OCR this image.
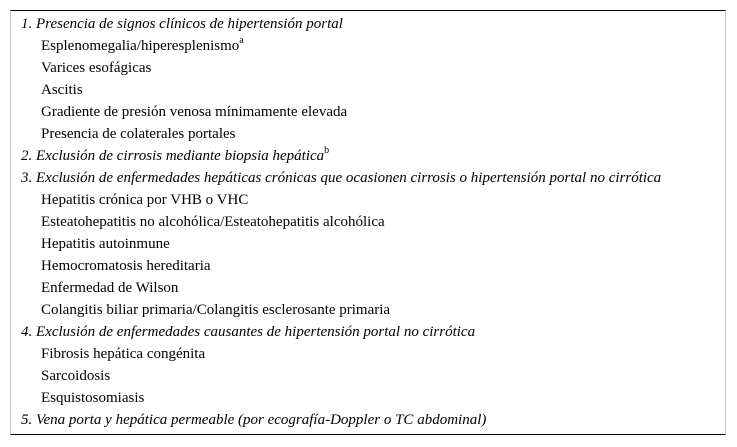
1. Presencia de signos clínicos de hipertensión portal
Esplenomegalia/hiperesplenismo$^a$
Varices esofágicas
Ascitis
Gradiente de presión venosa mínimamente elevada
Presencia de colaterales portales
2. Exclusión de cirrosis mediante biopsia hepática$^b$
3. Exclusión de enfermedades hepáticas crónicas que ocasionen cirrosis o hipertensión portal no cirrótica
Hepatitis crónica por VHB o VHC
Esteatohepatitis no alcohólica/Esteatohepatitis alcohólica
Hepatitis autoinmune
Hemocromatosis hereditaria
Enfermedad de Wilson
Colangitis biliar primaria/Colangitis esclerosante primaria
4. Exclusión de enfermedades causantes de hipertensión portal no cirrótica
Fibrosis hepática congénita
Sarcoidosis
Esquistosomiasis
5. Vena porta y hepática permeable (por ecografía-Doppler o TC abdominal)
